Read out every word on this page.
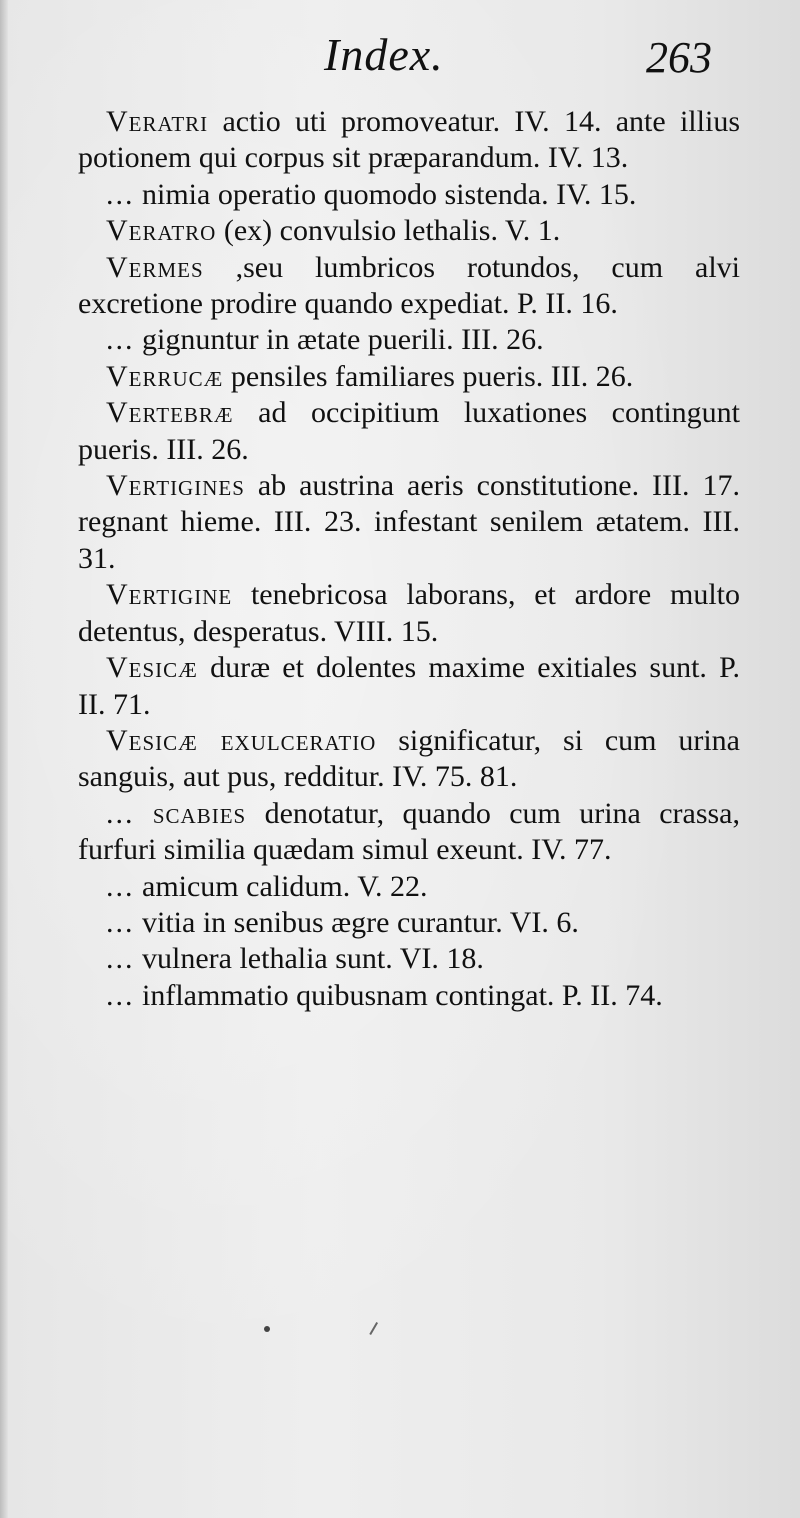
Index.	263

Veratri actio uti promoveatur. IV. 14. ante illius potionem qui corpus sit præparandum. IV. 13.

... nimia operatio quomodo sistenda. IV. 15.

Veratro (ex) convulsio lethalis. V. 1.

Vermes ,seu lumbricos rotundos, cum alvi excretione prodire quando expediat. P. II. 16.

... gignuntur in ætate puerili. III. 26.

Verrucæ pensiles familiares pueris. III. 26.

Vertebræ ad occipitium luxationes contingunt pueris. III. 26.

Vertigines ab austrina aeris constitutione. III. 17. regnant hieme. III. 23. infestant senilem ætatem. III. 31.

Vertigine tenebricosa laborans, et ardore multo detentus, desperatus. VIII. 15.

Vesicæ duræ et dolentes maxime exitiales sunt. P. II. 71.

Vesicæ exulceratio significatur, si cum urina sanguis, aut pus, redditur. IV. 75. 81.

... scabies denotatur, quando cum urina crassa, furfuri similia quædam simul exeunt. IV. 77.

... amicum calidum. V. 22.

... vitia in senibus ægre curantur. VI. 6.

... vulnera lethalia sunt. VI. 18.

... inflammatio quibusnam contingat. P. II. 74.
